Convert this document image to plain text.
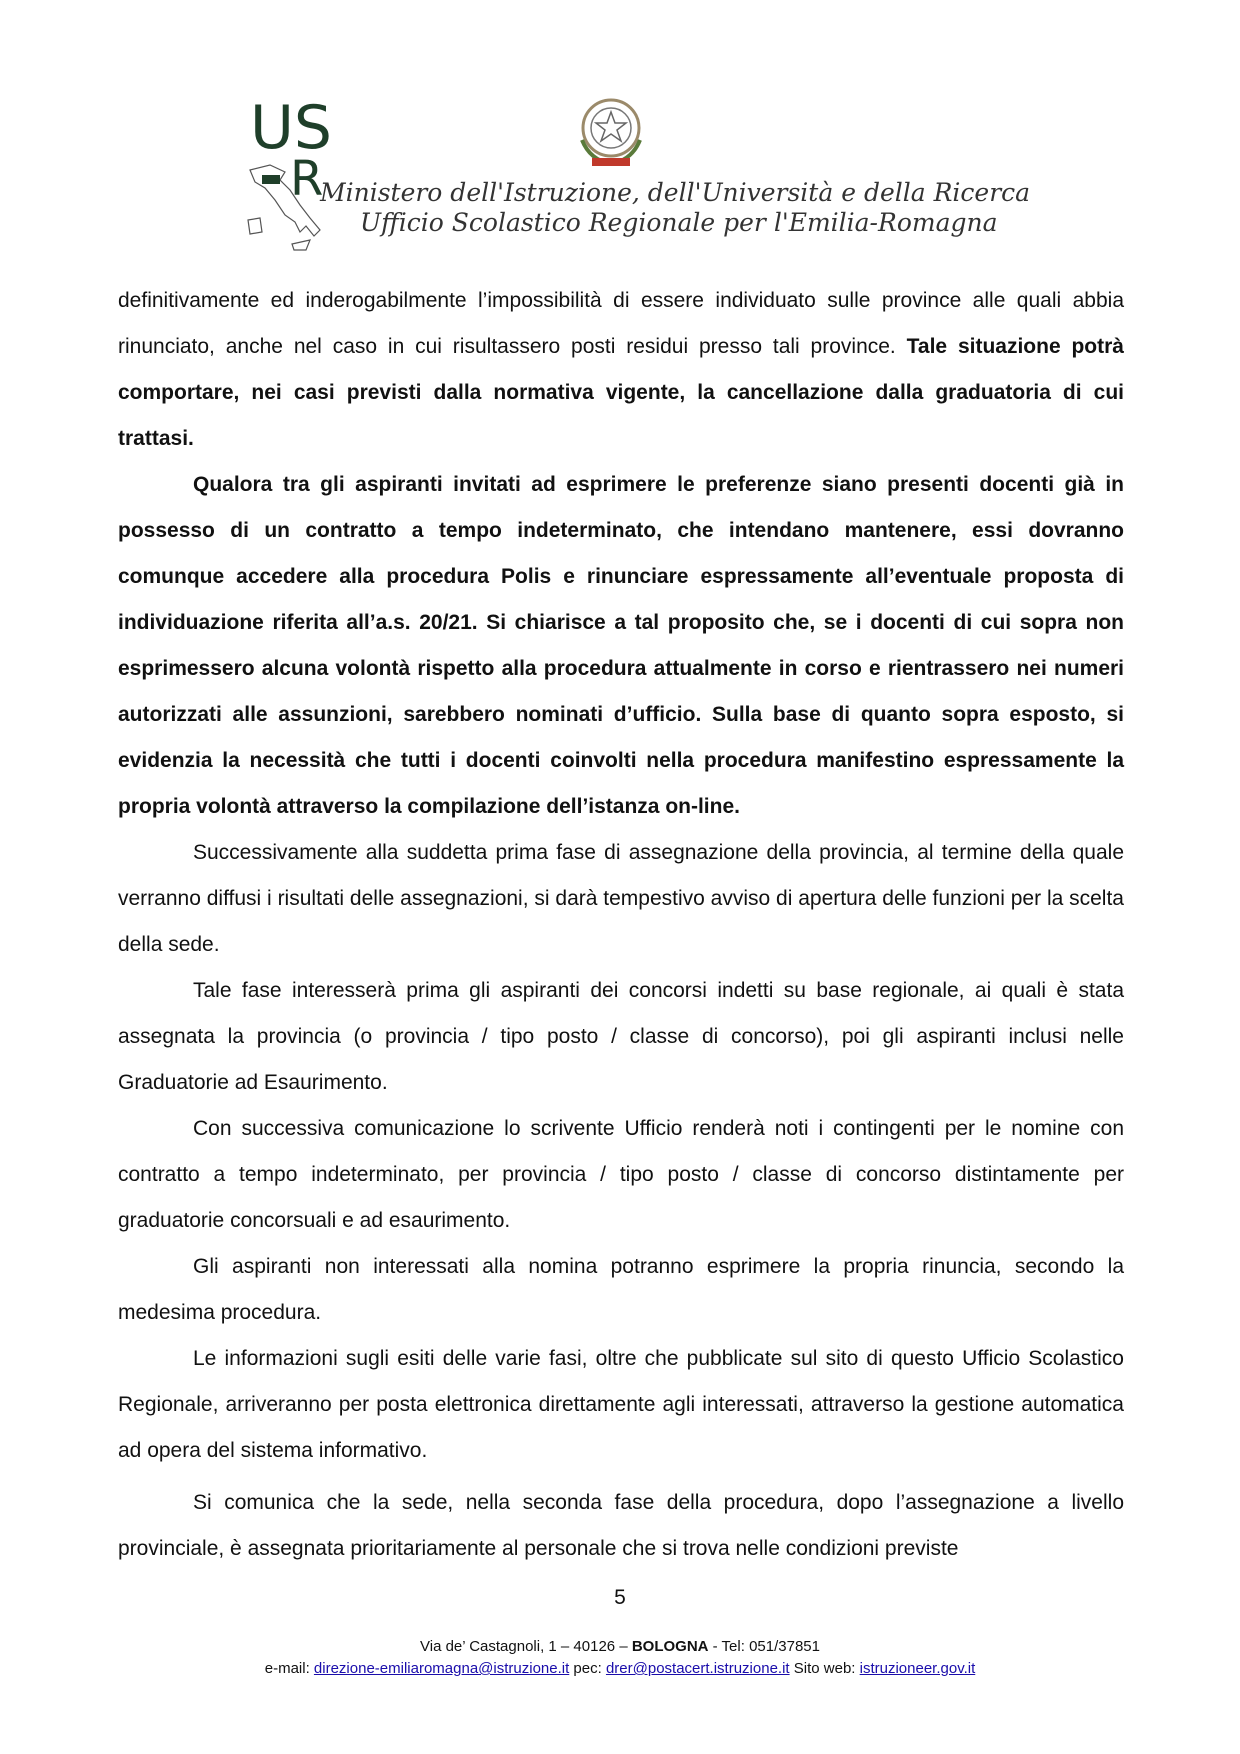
US
R
Ministero dell'Istruzione, dell'Università e della Ricerca
Ufficio Scolastico Regionale per l'Emilia-Romagna

definitivamente ed inderogabilmente l’impossibilità di essere individuato sulle province alle quali abbia rinunciato, anche nel caso in cui risultassero posti residui presso tali province. Tale situazione potrà comportare, nei casi previsti dalla normativa vigente, la cancellazione dalla graduatoria di cui trattasi.

Qualora tra gli aspiranti invitati ad esprimere le preferenze siano presenti docenti già in possesso di un contratto a tempo indeterminato, che intendano mantenere, essi dovranno comunque accedere alla procedura Polis e rinunciare espressamente all’eventuale proposta di individuazione riferita all’a.s. 20/21. Si chiarisce a tal proposito che, se i docenti di cui sopra non esprimessero alcuna volontà rispetto alla procedura attualmente in corso e rientrassero nei numeri autorizzati alle assunzioni, sarebbero nominati d’ufficio. Sulla base di quanto sopra esposto, si evidenzia la necessità che tutti i docenti coinvolti nella procedura manifestino espressamente la propria volontà attraverso la compilazione dell’istanza on-line.

Successivamente alla suddetta prima fase di assegnazione della provincia, al termine della quale verranno diffusi i risultati delle assegnazioni, si darà tempestivo avviso di apertura delle funzioni per la scelta della sede.

Tale fase interesserà prima gli aspiranti dei concorsi indetti su base regionale, ai quali è stata assegnata la provincia (o provincia / tipo posto / classe di concorso), poi gli aspiranti inclusi nelle Graduatorie ad Esaurimento.

Con successiva comunicazione lo scrivente Ufficio renderà noti i contingenti per le nomine con contratto a tempo indeterminato, per provincia / tipo posto / classe di concorso distintamente per graduatorie concorsuali e ad esaurimento.

Gli aspiranti non interessati alla nomina potranno esprimere la propria rinuncia, secondo la medesima procedura.

Le informazioni sugli esiti delle varie fasi, oltre che pubblicate sul sito di questo Ufficio Scolastico Regionale, arriveranno per posta elettronica direttamente agli interessati, attraverso la gestione automatica ad opera del sistema informativo.

Si comunica che la sede, nella seconda fase della procedura, dopo l’assegnazione a livello provinciale, è assegnata prioritariamente al personale che si trova nelle condizioni previste

5
Via de’ Castagnoli, 1 – 40126 – BOLOGNA - Tel: 051/37851
e-mail: direzione-emiliaromagna@istruzione.it pec: drer@postacert.istruzione.it Sito web: istruzioneer.gov.it
